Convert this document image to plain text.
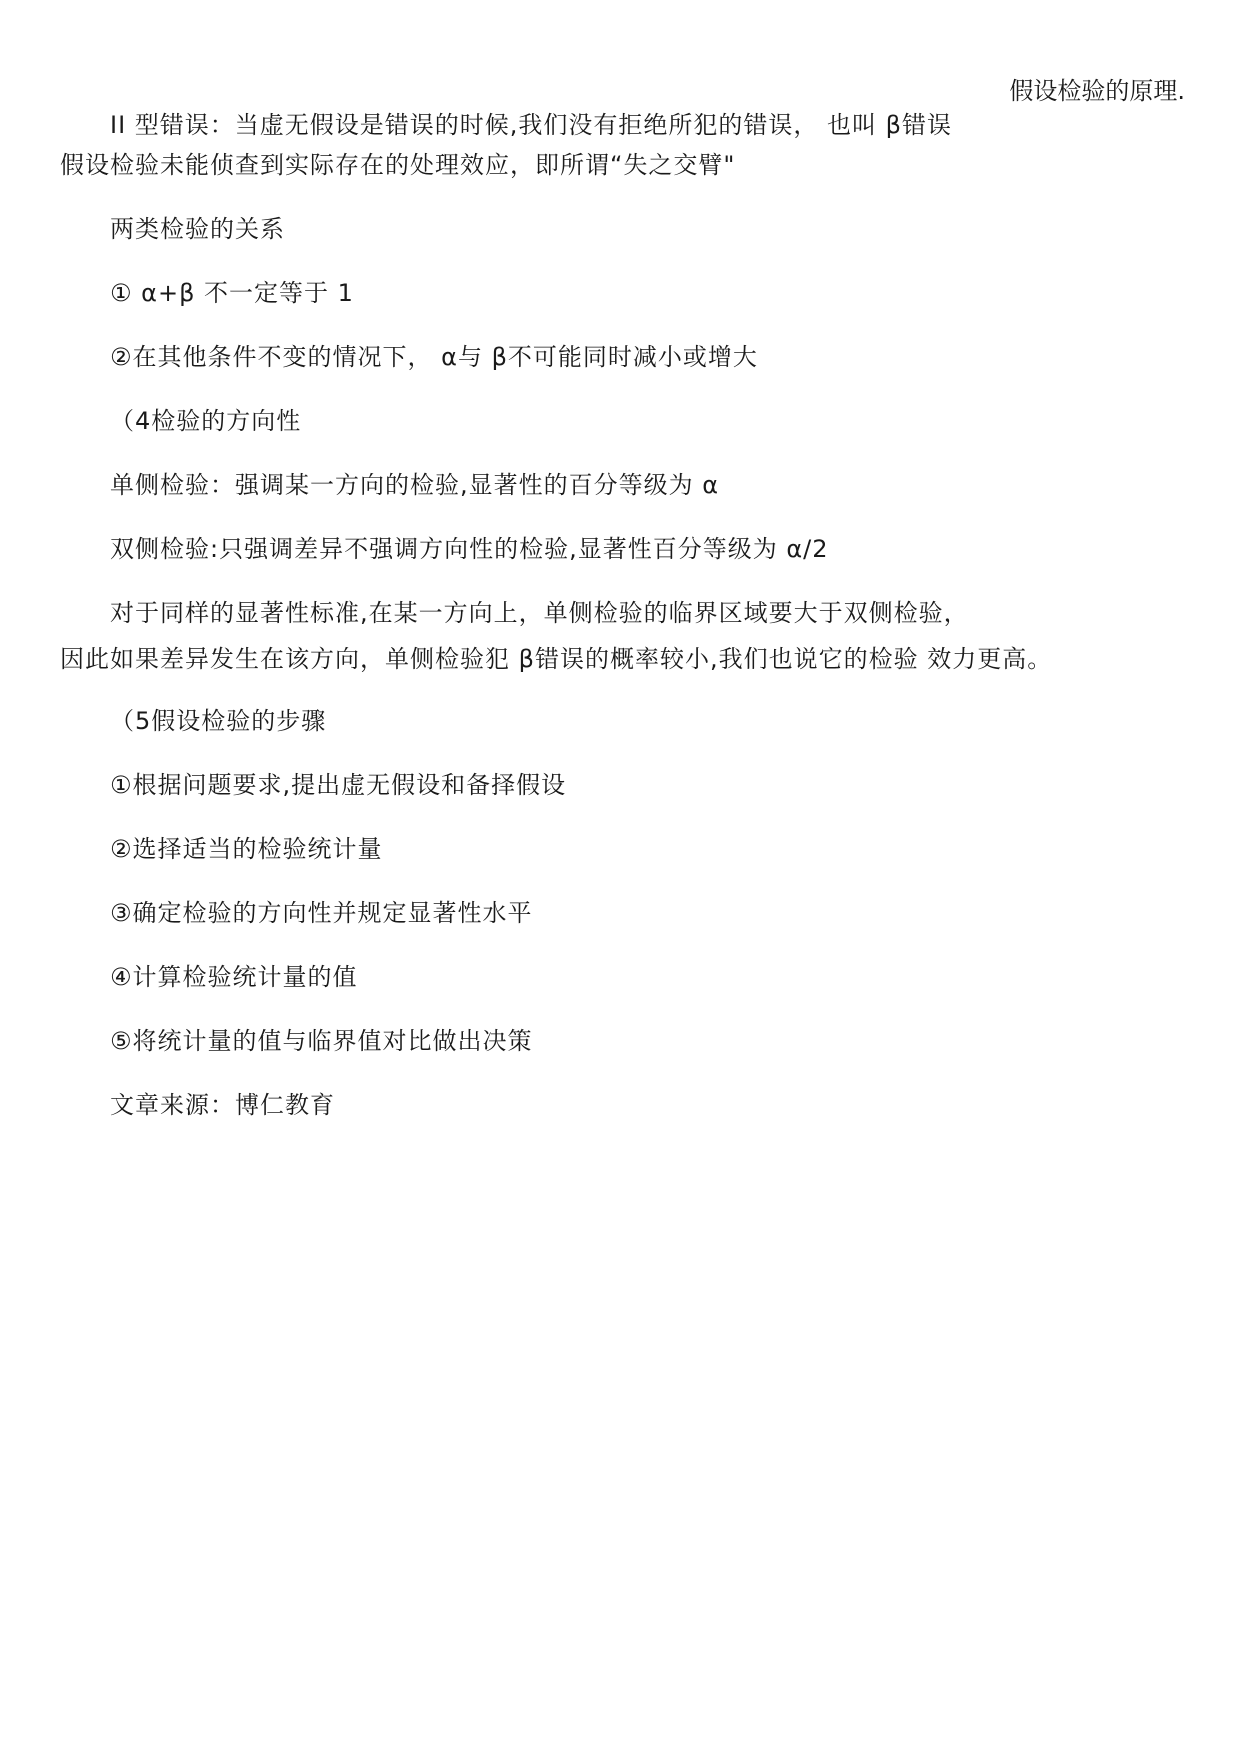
假设检验的原理.
II 型错误：当虚无假设是错误的时候,我们没有拒绝所犯的错误， 也叫 β错误
假设检验未能侦查到实际存在的处理效应，即所谓“失之交臂"
两类检验的关系
① α+β 不一定等于 1
②在其他条件不变的情况下， α与 β不可能同时减小或增大
（4检验的方向性
单侧检验：强调某一方向的检验,显著性的百分等级为 α
双侧检验:只强调差异不强调方向性的检验,显著性百分等级为 α/2
对于同样的显著性标准,在某一方向上，单侧检验的临界区域要大于双侧检验，
因此如果差异发生在该方向，单侧检验犯 β错误的概率较小,我们也说它的检验 效力更高。
（5假设检验的步骤
①根据问题要求,提出虚无假设和备择假设
②选择适当的检验统计量
③确定检验的方向性并规定显著性水平
④计算检验统计量的值
⑤将统计量的值与临界值对比做出决策
文章来源：博仁教育
